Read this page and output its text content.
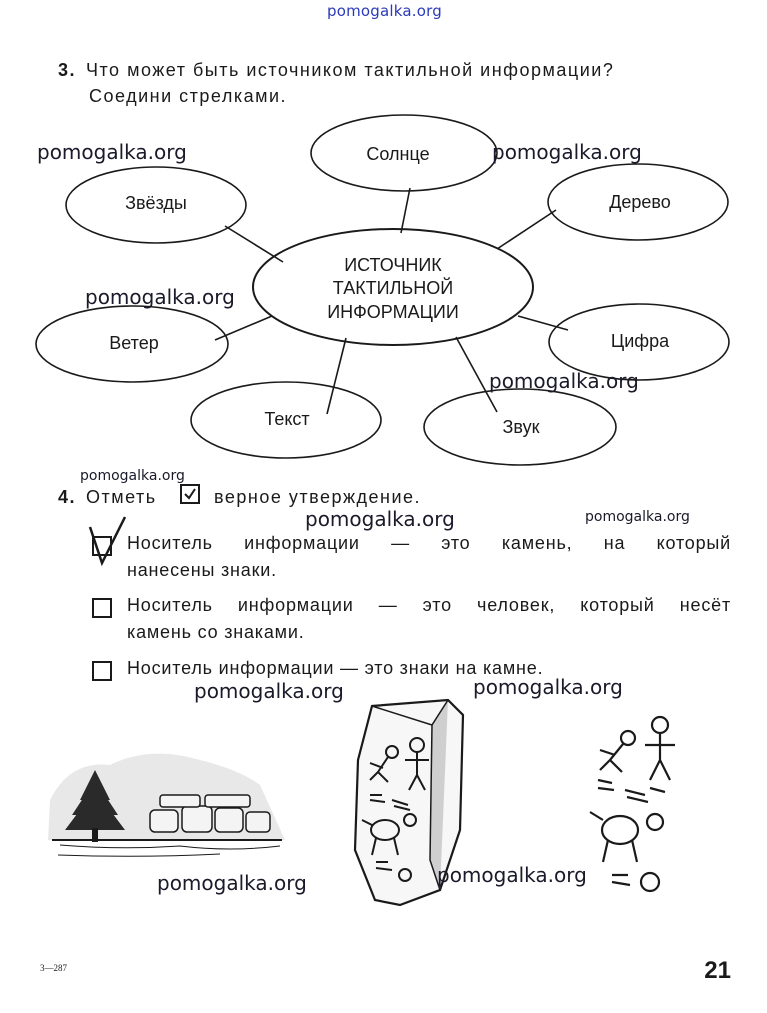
pomogalka.org
3. Что может быть источником тактильной информации?
Соедини стрелками.
Солнце
Звёзды	Дерево
Ветер	Цифра
Текст	Звук
ИСТОЧНИК
ТАКТИЛЬНОЙ
ИНФОРМАЦИИ
pomogalka.org	pomogalka.org
pomogalka.org
pomogalka.org
pomogalka.org
4. Отметь	верное утверждение.
pomogalka.org	pomogalka.org
Носитель информации — это камень, на который
нанесены знаки.
Носитель информации — это человек, который несёт
камень со знаками.
Носитель информации — это знаки на камне.
pomogalka.org	pomogalka.org
pomogalka.org	pomogalka.org
3—287	21
